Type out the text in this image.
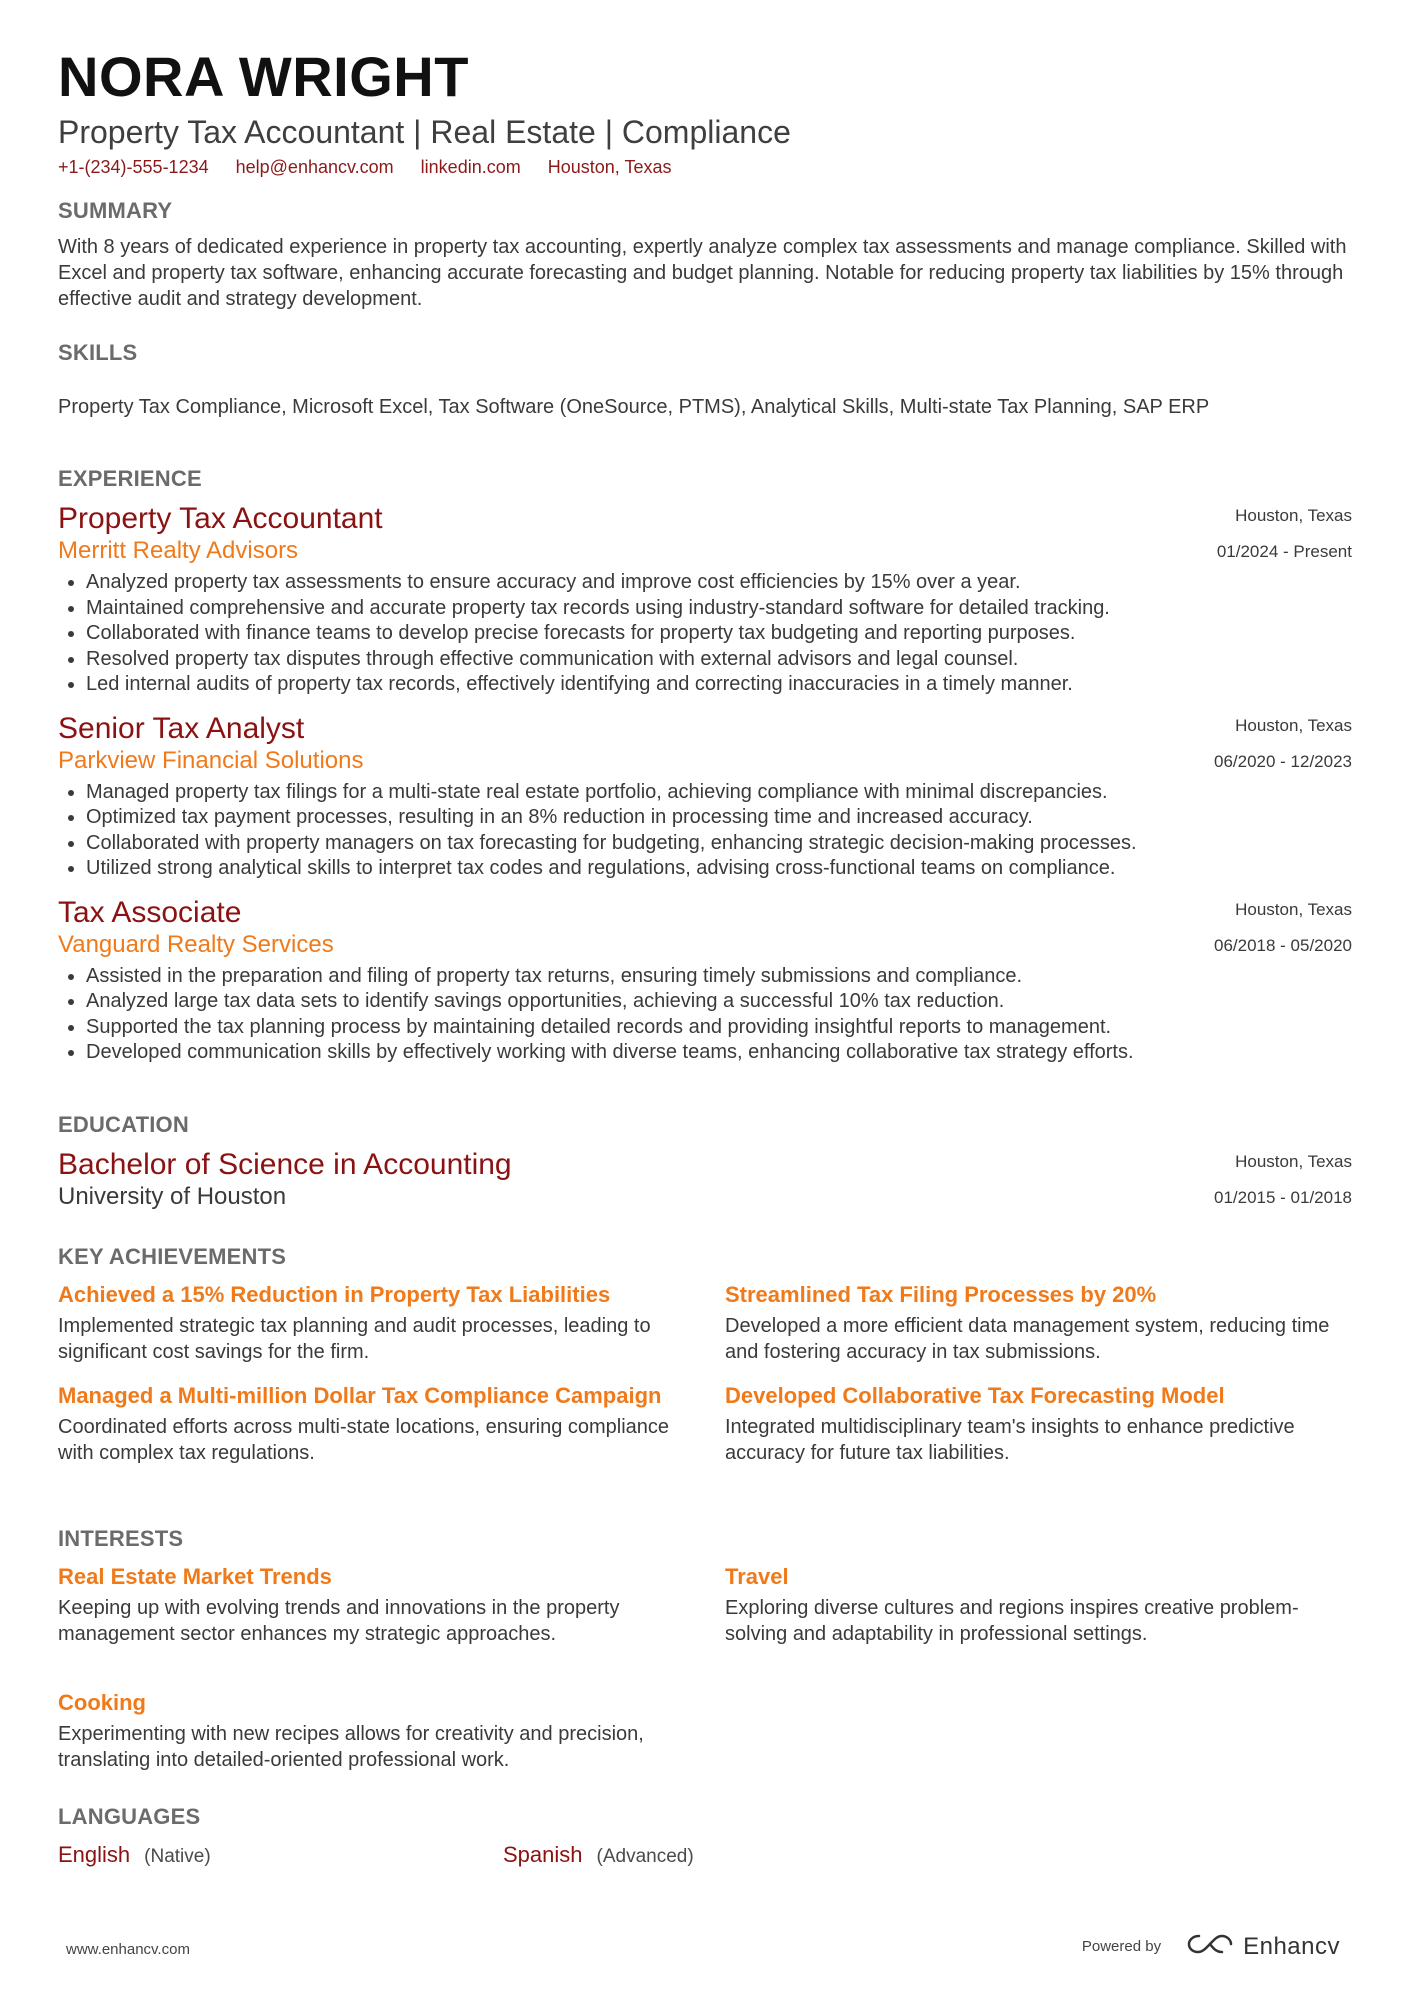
NORA WRIGHT
Property Tax Accountant | Real Estate | Compliance
+1-(234)-555-1234 help@enhancv.com linkedin.com Houston, Texas
SUMMARY
With 8 years of dedicated experience in property tax accounting, expertly analyze complex tax assessments and manage compliance. Skilled with Excel and property tax software, enhancing accurate forecasting and budget planning. Notable for reducing property tax liabilities by 15% through effective audit and strategy development.
SKILLS
Property Tax Compliance, Microsoft Excel, Tax Software (OneSource, PTMS), Analytical Skills, Multi-state Tax Planning, SAP ERP
EXPERIENCE
Houston, Texas
01/2024 - Present
Property Tax Accountant
Merritt Realty Advisors
• Analyzed property tax assessments to ensure accuracy and improve cost efficiencies by 15% over a year.
• Maintained comprehensive and accurate property tax records using industry-standard software for detailed tracking.
• Collaborated with finance teams to develop precise forecasts for property tax budgeting and reporting purposes.
• Resolved property tax disputes through effective communication with external advisors and legal counsel.
• Led internal audits of property tax records, effectively identifying and correcting inaccuracies in a timely manner.
Houston, Texas
06/2020 - 12/2023
Senior Tax Analyst
Parkview Financial Solutions
• Managed property tax filings for a multi-state real estate portfolio, achieving compliance with minimal discrepancies.
• Optimized tax payment processes, resulting in an 8% reduction in processing time and increased accuracy.
• Collaborated with property managers on tax forecasting for budgeting, enhancing strategic decision-making processes.
• Utilized strong analytical skills to interpret tax codes and regulations, advising cross-functional teams on compliance.
Houston, Texas
06/2018 - 05/2020
Tax Associate
Vanguard Realty Services
• Assisted in the preparation and filing of property tax returns, ensuring timely submissions and compliance.
• Analyzed large tax data sets to identify savings opportunities, achieving a successful 10% tax reduction.
• Supported the tax planning process by maintaining detailed records and providing insightful reports to management.
• Developed communication skills by effectively working with diverse teams, enhancing collaborative tax strategy efforts.
EDUCATION
Houston, Texas
01/2015 - 01/2018
Bachelor of Science in Accounting
University of Houston
KEY ACHIEVEMENTS
Achieved a 15% Reduction in Property Tax Liabilities
Implemented strategic tax planning and audit processes, leading to significant cost savings for the firm.
Streamlined Tax Filing Processes by 20%
Developed a more efficient data management system, reducing time and fostering accuracy in tax submissions.
Managed a Multi-million Dollar Tax Compliance Campaign
Coordinated efforts across multi-state locations, ensuring compliance with complex tax regulations.
Developed Collaborative Tax Forecasting Model
Integrated multidisciplinary team's insights to enhance predictive accuracy for future tax liabilities.
INTERESTS
Real Estate Market Trends
Keeping up with evolving trends and innovations in the property management sector enhances my strategic approaches.
Travel
Exploring diverse cultures and regions inspires creative problem-solving and adaptability in professional settings.
Cooking
Experimenting with new recipes allows for creativity and precision, translating into detailed-oriented professional work.
LANGUAGES
English (Native)	Spanish (Advanced)
www.enhancv.com	Powered by	Enhancv
